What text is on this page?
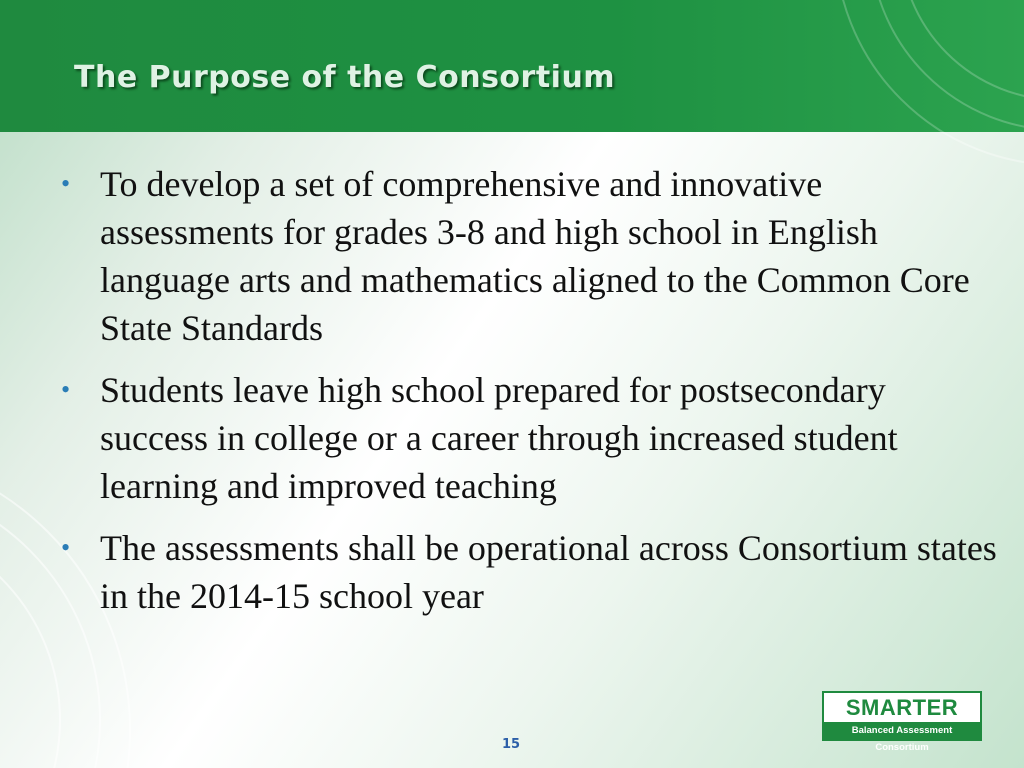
The Purpose of the Consortium
• To develop a set of comprehensive and innovative assessments for grades 3-8 and high school in English language arts and mathematics aligned to the Common Core State Standards
• Students leave high school prepared for postsecondary success in college or a career through increased student learning and improved teaching
• The assessments shall be operational across Consortium states in the 2014-15 school year
15
SMARTER
Balanced Assessment Consortium
